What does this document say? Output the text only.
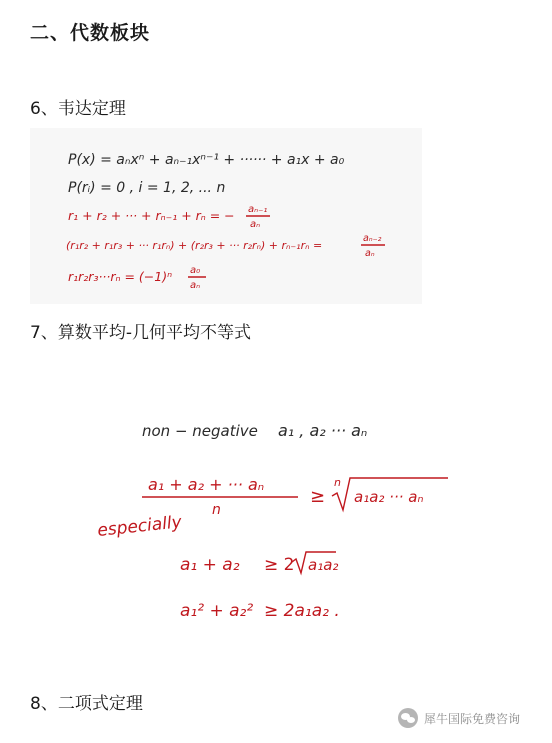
二、代数板块
6、韦达定理
P(x) = aₙxⁿ + aₙ₋₁xⁿ⁻¹ + ······ + a₁x + a₀
P(rᵢ) = 0 , i = 1, 2, ... n
r₁ + r₂ + ··· + rₙ₋₁ + rₙ = − aₙ₋₁
aₙ
(r₁r₂ + r₁r₃ + ··· r₁rₙ) + (r₂r₃ + ··· r₂rₙ) + rₙ₋₁rₙ =
aₙ₋₂
aₙ
r₁r₂r₃···rₙ = (−1)ⁿ a₀
aₙ
7、算数平均-几何平均不等式
non − negative a₁ , a₂ ··· aₙ
a₁ + a₂ + ··· aₙ
n
≥
n
a₁a₂ ··· aₙ
especially
a₁ + a₂ ≥ 2 a₁a₂
a₁² + a₂² ≥ 2a₁a₂ .
8、二项式定理
犀牛国际免费咨询
